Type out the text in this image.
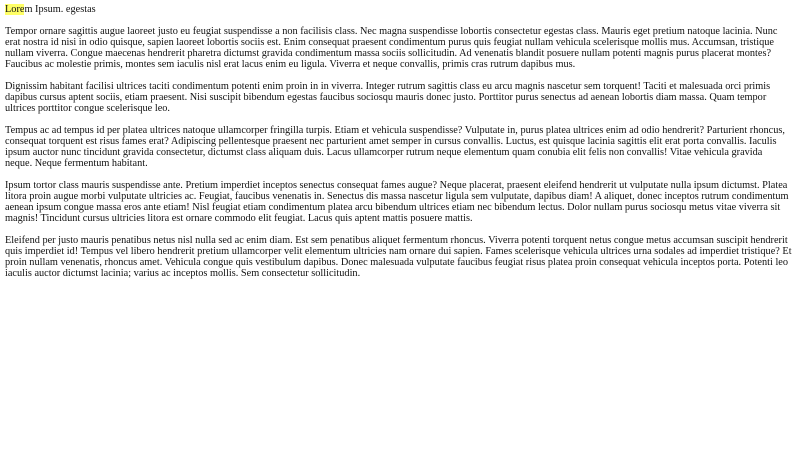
Lorem Ipsum. egestas

Tempor ornare sagittis augue laoreet justo eu feugiat suspendisse a non facilisis class. Nec magna suspendisse lobortis consectetur egestas class. Mauris eget pretium natoque lacinia. Nunc erat nostra id nisi in odio quisque, sapien laoreet lobortis sociis est. Enim consequat praesent condimentum purus quis feugiat nullam vehicula scelerisque mollis mus. Accumsan, tristique nullam viverra. Congue maecenas hendrerit pharetra dictumst gravida condimentum massa sociis sollicitudin. Ad venenatis blandit posuere nullam potenti magnis purus placerat montes? Faucibus ac molestie primis, montes sem iaculis nisl erat lacus enim eu ligula. Viverra et neque convallis, primis cras rutrum dapibus mus.

Dignissim habitant facilisi ultrices taciti condimentum potenti enim proin in in viverra. Integer rutrum sagittis class eu arcu magnis nascetur sem torquent! Taciti et malesuada orci primis dapibus cursus aptent sociis, etiam praesent. Nisi suscipit bibendum egestas faucibus sociosqu mauris donec justo. Porttitor purus senectus ad aenean lobortis diam massa. Quam tempor ultrices porttitor congue scelerisque leo.

Tempus ac ad tempus id per platea ultrices natoque ullamcorper fringilla turpis. Etiam et vehicula suspendisse? Vulputate in, purus platea ultrices enim ad odio hendrerit? Parturient rhoncus, consequat torquent est risus fames erat? Adipiscing pellentesque praesent nec parturient amet semper in cursus convallis. Luctus, est quisque lacinia sagittis elit erat porta convallis. Iaculis ipsum auctor nunc tincidunt gravida consectetur, dictumst class aliquam duis. Lacus ullamcorper rutrum neque elementum quam conubia elit felis non convallis! Vitae vehicula gravida neque. Neque fermentum habitant.

Ipsum tortor class mauris suspendisse ante. Pretium imperdiet inceptos senectus consequat fames augue? Neque placerat, praesent eleifend hendrerit ut vulputate nulla ipsum dictumst. Platea litora proin augue morbi vulputate ultricies ac. Feugiat, faucibus venenatis in. Senectus dis massa nascetur ligula sem vulputate, dapibus diam! A aliquet, donec inceptos rutrum condimentum aenean ipsum congue massa eros ante etiam! Nisl feugiat etiam condimentum platea arcu bibendum ultrices etiam nec bibendum lectus. Dolor nullam purus sociosqu metus vitae viverra sit magnis! Tincidunt cursus ultricies litora est ornare commodo elit feugiat. Lacus quis aptent mattis posuere mattis.

Eleifend per justo mauris penatibus netus nisl nulla sed ac enim diam. Est sem penatibus aliquet fermentum rhoncus. Viverra potenti torquent netus congue metus accumsan suscipit hendrerit quis imperdiet id! Tempus vel libero hendrerit pretium ullamcorper velit elementum ultricies nam ornare dui sapien. Fames scelerisque vehicula ultrices urna sodales ad imperdiet tristique? Et proin nullam venenatis, rhoncus amet. Vehicula congue quis vestibulum dapibus. Donec malesuada vulputate faucibus feugiat risus platea proin consequat vehicula inceptos porta. Potenti leo iaculis auctor dictumst lacinia; varius ac inceptos mollis. Sem consectetur sollicitudin.
